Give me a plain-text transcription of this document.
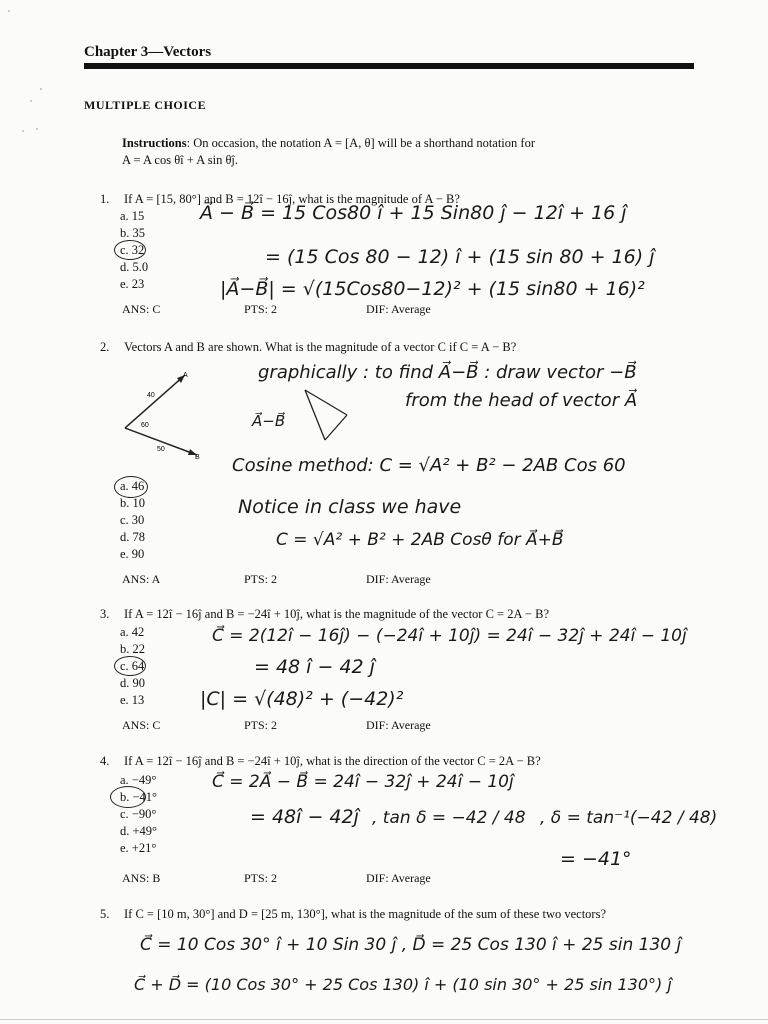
Chapter 3—Vectors
MULTIPLE CHOICE
Instructions: On occasion, the notation A = [A, θ] will be a shorthand notation for
A = A cos θî + A sin θĵ.
1. If A = [15, 80°] and B = 12î − 16ĵ, what is the magnitude of A − B?
a. 15
b. 35
c. 32
d. 5.0
e. 23
ANS: C	PTS: 2	DIF: Average
A⃗ − B⃗ = 15 Cos80 î + 15 Sin80 ĵ − 12î + 16 ĵ
= (15 Cos 80 − 12) î + (15 sin 80 + 16) ĵ
|A⃗−B⃗| = √(15Cos80−12)² + (15 sin80 + 16)²
2. Vectors A and B are shown. What is the magnitude of a vector C if C = A − B?
A
40
60
50
B
a. 46
b. 10
c. 30
d. 78
e. 90
ANS: A	PTS: 2	DIF: Average
graphically : to find A⃗−B⃗ : draw vector −B⃗
from the head of vector A⃗
A⃗−B⃗
Cosine method: C = √A² + B² − 2AB Cos 60
Notice in class we have
C = √A² + B² + 2AB Cosθ for A⃗+B⃗
3. If A = 12î − 16ĵ and B = −24î + 10ĵ, what is the magnitude of the vector C = 2A − B?
a. 42
b. 22
c. 64
d. 90
e. 13
ANS: C	PTS: 2	DIF: Average
C⃗ = 2(12î − 16ĵ) − (−24î + 10ĵ) = 24î − 32ĵ + 24î − 10ĵ
= 48 î − 42 ĵ
|C| = √(48)² + (−42)²
4. If A = 12î − 16ĵ and B = −24î + 10ĵ, what is the direction of the vector C = 2A − B?
a. −49°
b. −41°
c. −90°
d. +49°
e. +21°
ANS: B	PTS: 2	DIF: Average
C⃗ = 2A⃗ − B⃗ = 24î − 32ĵ + 24î − 10ĵ
= 48î − 42ĵ , tan δ = −42 / 48 , δ = tan⁻¹(−42 / 48)
= −41°
5. If C = [10 m, 30°] and D = [25 m, 130°], what is the magnitude of the sum of these two vectors?
C⃗ = 10 Cos 30° î + 10 Sin 30 ĵ , D⃗ = 25 Cos 130 î + 25 sin 130 ĵ
C⃗ + D⃗ = (10 Cos 30° + 25 Cos 130) î + (10 sin 30° + 25 sin 130°) ĵ
